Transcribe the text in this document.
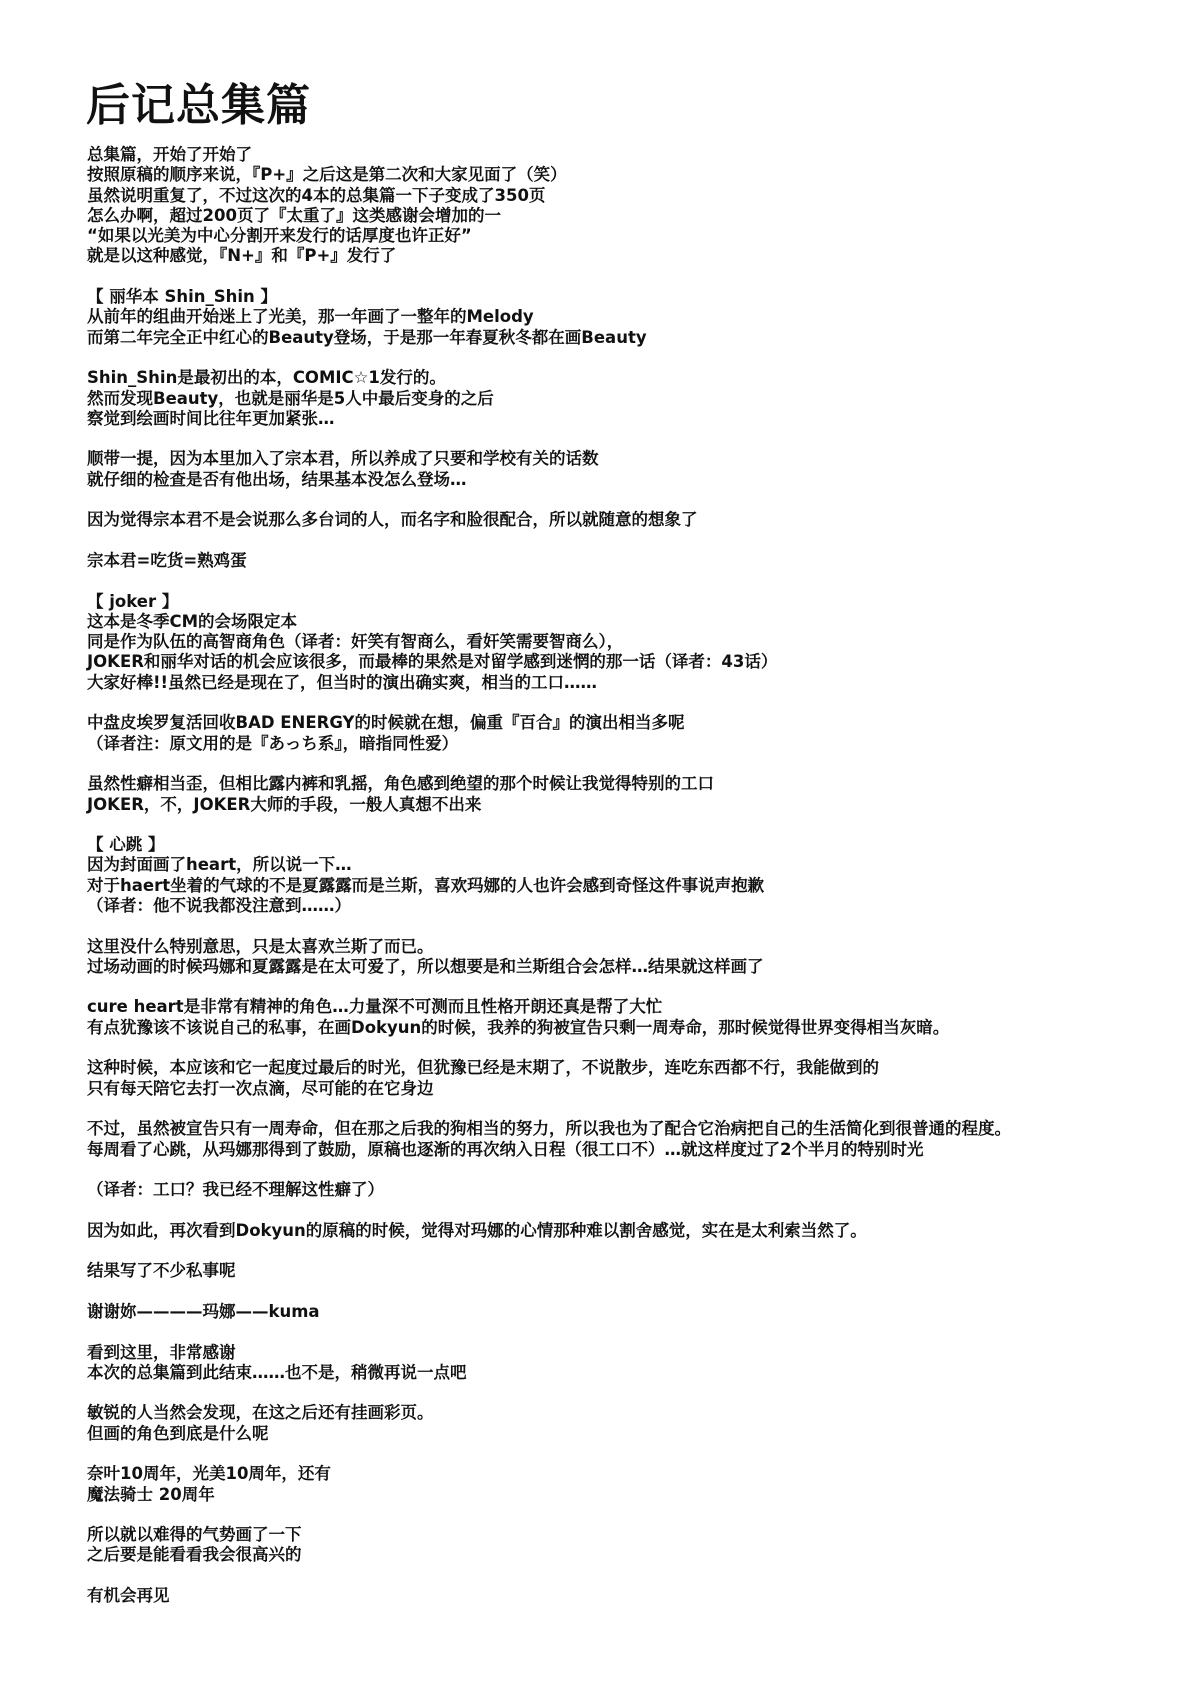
后记总集篇
总集篇，开始了开始了
按照原稿的顺序来说，『P+』之后这是第二次和大家见面了（笑）
虽然说明重复了，不过这次的4本的总集篇一下子变成了350页
怎么办啊，超过200页了『太重了』这类感谢会增加的一
“如果以光美为中心分割开来发行的话厚度也许正好”
就是以这种感觉，『N+』和『P+』发行了
【 丽华本 Shin_Shin 】
从前年的组曲开始迷上了光美，那一年画了一整年的Melody
而第二年完全正中红心的Beauty登场，于是那一年春夏秋冬都在画Beauty
Shin_Shin是最初出的本，COMIC☆1发行的。
然而发现Beauty，也就是丽华是5人中最后变身的之后
察觉到绘画时间比往年更加紧张…
顺带一提，因为本里加入了宗本君，所以养成了只要和学校有关的话数
就仔细的检查是否有他出场，结果基本没怎么登场…
因为觉得宗本君不是会说那么多台词的人，而名字和脸很配合，所以就随意的想象了
宗本君=吃货=熟鸡蛋
【 joker 】
这本是冬季CM的会场限定本
同是作为队伍的高智商角色（译者：奸笑有智商么，看奸笑需要智商么），
JOKER和丽华对话的机会应该很多，而最棒的果然是对留学感到迷惘的那一话（译者：43话）
大家好棒!!虽然已经是现在了，但当时的演出确实爽，相当的工口……
中盘皮埃罗复活回收BAD ENERGY的时候就在想，偏重『百合』的演出相当多呢
（译者注：原文用的是『あっち系』，暗指同性爱）
虽然性癖相当歪，但相比露内裤和乳摇，角色感到绝望的那个时候让我觉得特别的工口
JOKER，不，JOKER大师的手段，一般人真想不出来
【 心跳 】
因为封面画了heart，所以说一下…
对于haert坐着的气球的不是夏露露而是兰斯，喜欢玛娜的人也许会感到奇怪这件事说声抱歉
（译者：他不说我都没注意到……）
这里没什么特别意思，只是太喜欢兰斯了而已。
过场动画的时候玛娜和夏露露是在太可爱了，所以想要是和兰斯组合会怎样…结果就这样画了
cure heart是非常有精神的角色…力量深不可测而且性格开朗还真是帮了大忙
有点犹豫该不该说自己的私事，在画Dokyun的时候，我养的狗被宣告只剩一周寿命，那时候觉得世界变得相当灰暗。
这种时候，本应该和它一起度过最后的时光，但犹豫已经是末期了，不说散步，连吃东西都不行，我能做到的
只有每天陪它去打一次点滴，尽可能的在它身边
不过，虽然被宣告只有一周寿命，但在那之后我的狗相当的努力，所以我也为了配合它治病把自己的生活简化到很普通的程度。
每周看了心跳，从玛娜那得到了鼓励，原稿也逐渐的再次纳入日程（很工口不）…就这样度过了2个半月的特别时光
（译者：工口？我已经不理解这性癖了）
因为如此，再次看到Dokyun的原稿的时候，觉得对玛娜的心情那种难以割舍感觉，实在是太利索当然了。
结果写了不少私事呢
谢谢妳————玛娜——kuma
看到这里，非常感谢
本次的总集篇到此结束……也不是，稍微再说一点吧
敏锐的人当然会发现，在这之后还有挂画彩页。
但画的角色到底是什么呢
奈叶10周年，光美10周年，还有
魔法骑士 20周年
所以就以难得的气势画了一下
之后要是能看看我会很高兴的
有机会再见
